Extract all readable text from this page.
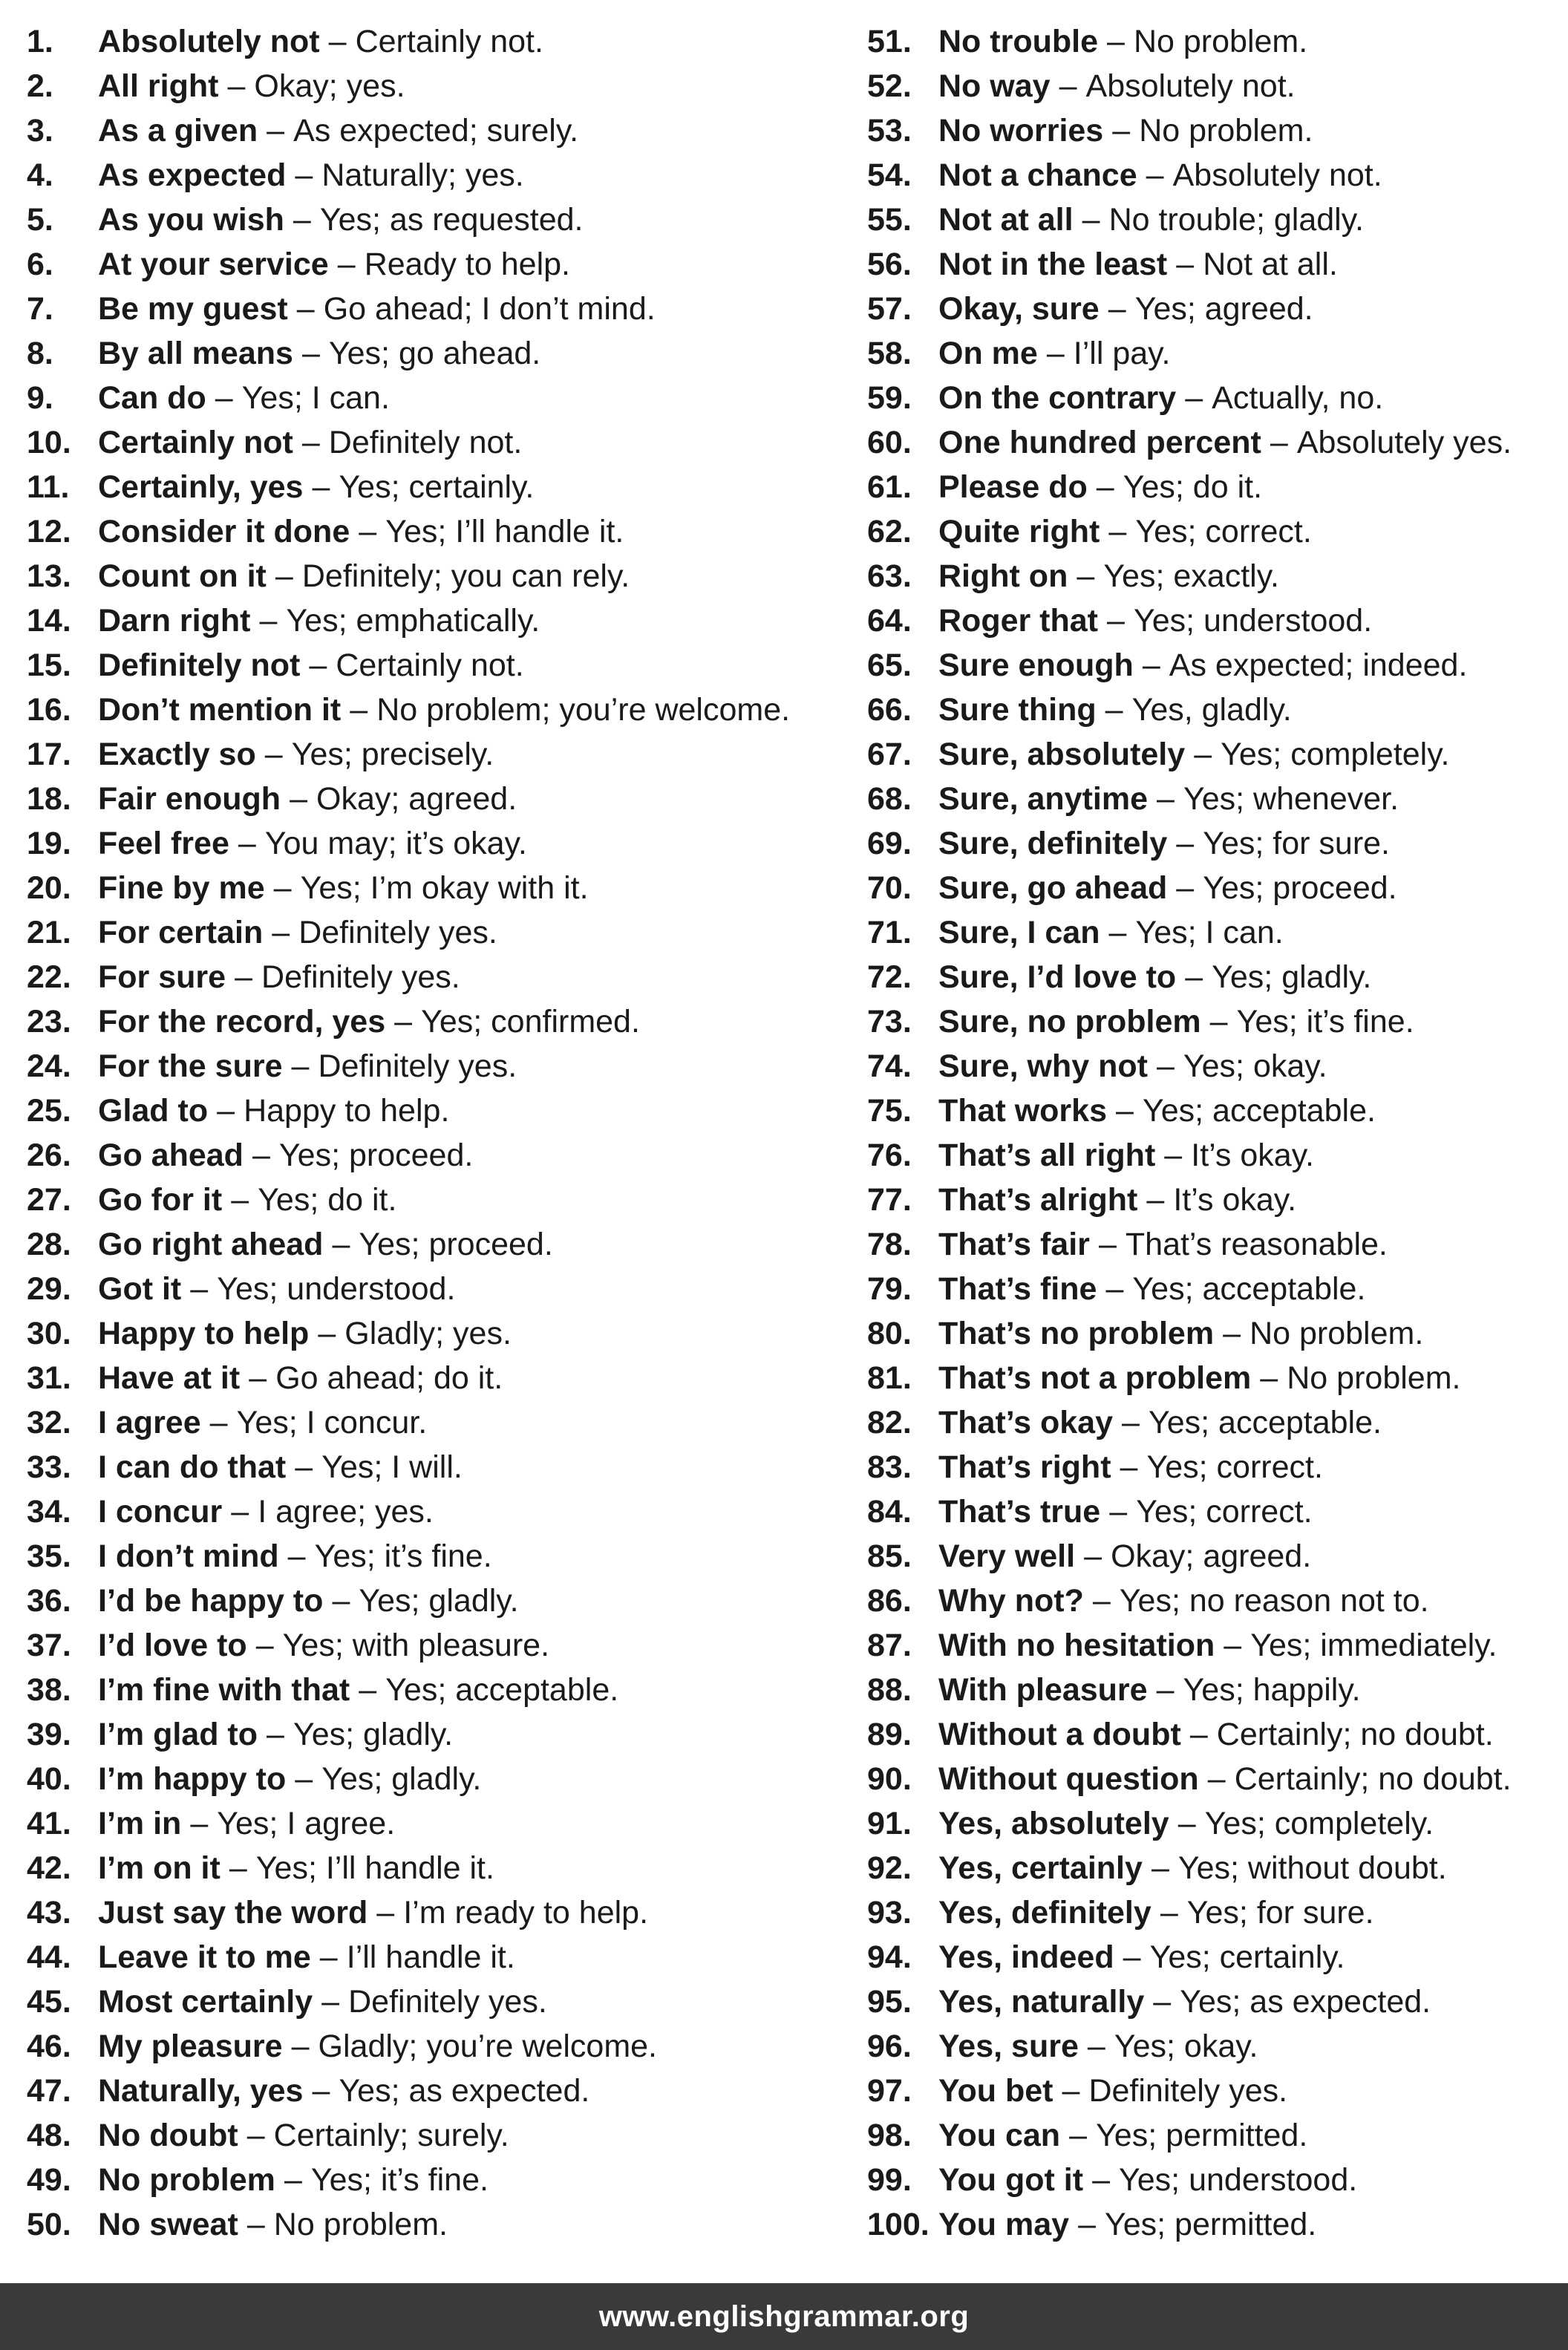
1.	Absolutely not – Certainly not.
2.	All right – Okay; yes.
3.	As a given – As expected; surely.
4.	As expected – Naturally; yes.
5.	As you wish – Yes; as requested.
6.	At your service – Ready to help.
7.	Be my guest – Go ahead; I don’t mind.
8.	By all means – Yes; go ahead.
9.	Can do – Yes; I can.
10. Certainly not – Definitely not.
11. Certainly, yes – Yes; certainly.
12. Consider it done – Yes; I’ll handle it.
13. Count on it – Definitely; you can rely.
14. Darn right – Yes; emphatically.
15. Definitely not – Certainly not.
16. Don’t mention it – No problem; you’re welcome.
17. Exactly so – Yes; precisely.
18. Fair enough – Okay; agreed.
19. Feel free – You may; it’s okay.
20. Fine by me – Yes; I’m okay with it.
21. For certain – Definitely yes.
22. For sure – Definitely yes.
23. For the record, yes – Yes; confirmed.
24. For the sure – Definitely yes.
25. Glad to – Happy to help.
26. Go ahead – Yes; proceed.
27. Go for it – Yes; do it.
28. Go right ahead – Yes; proceed.
29. Got it – Yes; understood.
30. Happy to help – Gladly; yes.
31. Have at it – Go ahead; do it.
32. I agree – Yes; I concur.
33. I can do that – Yes; I will.
34. I concur – I agree; yes.
35. I don’t mind – Yes; it’s fine.
36. I’d be happy to – Yes; gladly.
37. I’d love to – Yes; with pleasure.
38. I’m fine with that – Yes; acceptable.
39. I’m glad to – Yes; gladly.
40. I’m happy to – Yes; gladly.
41. I’m in – Yes; I agree.
42. I’m on it – Yes; I’ll handle it.
43. Just say the word – I’m ready to help.
44. Leave it to me – I’ll handle it.
45. Most certainly – Definitely yes.
46. My pleasure – Gladly; you’re welcome.
47. Naturally, yes – Yes; as expected.
48. No doubt – Certainly; surely.
49. No problem – Yes; it’s fine.
50. No sweat – No problem.
51. No trouble – No problem.
52. No way – Absolutely not.
53. No worries – No problem.
54. Not a chance – Absolutely not.
55. Not at all – No trouble; gladly.
56. Not in the least – Not at all.
57. Okay, sure – Yes; agreed.
58. On me – I’ll pay.
59. On the contrary – Actually, no.
60. One hundred percent – Absolutely yes.
61. Please do – Yes; do it.
62. Quite right – Yes; correct.
63. Right on – Yes; exactly.
64. Roger that – Yes; understood.
65. Sure enough – As expected; indeed.
66. Sure thing – Yes, gladly.
67. Sure, absolutely – Yes; completely.
68. Sure, anytime – Yes; whenever.
69. Sure, definitely – Yes; for sure.
70. Sure, go ahead – Yes; proceed.
71. Sure, I can – Yes; I can.
72. Sure, I’d love to – Yes; gladly.
73. Sure, no problem – Yes; it’s fine.
74. Sure, why not – Yes; okay.
75. That works – Yes; acceptable.
76. That’s all right – It’s okay.
77. That’s alright – It’s okay.
78. That’s fair – That’s reasonable.
79. That’s fine – Yes; acceptable.
80. That’s no problem – No problem.
81. That’s not a problem – No problem.
82. That’s okay – Yes; acceptable.
83. That’s right – Yes; correct.
84. That’s true – Yes; correct.
85. Very well – Okay; agreed.
86. Why not? – Yes; no reason not to.
87. With no hesitation – Yes; immediately.
88. With pleasure – Yes; happily.
89. Without a doubt – Certainly; no doubt.
90. Without question – Certainly; no doubt.
91. Yes, absolutely – Yes; completely.
92. Yes, certainly – Yes; without doubt.
93. Yes, definitely – Yes; for sure.
94. Yes, indeed – Yes; certainly.
95. Yes, naturally – Yes; as expected.
96. Yes, sure – Yes; okay.
97. You bet – Definitely yes.
98. You can – Yes; permitted.
99. You got it – Yes; understood.
100. You may – Yes; permitted.
www.englishgrammar.org
